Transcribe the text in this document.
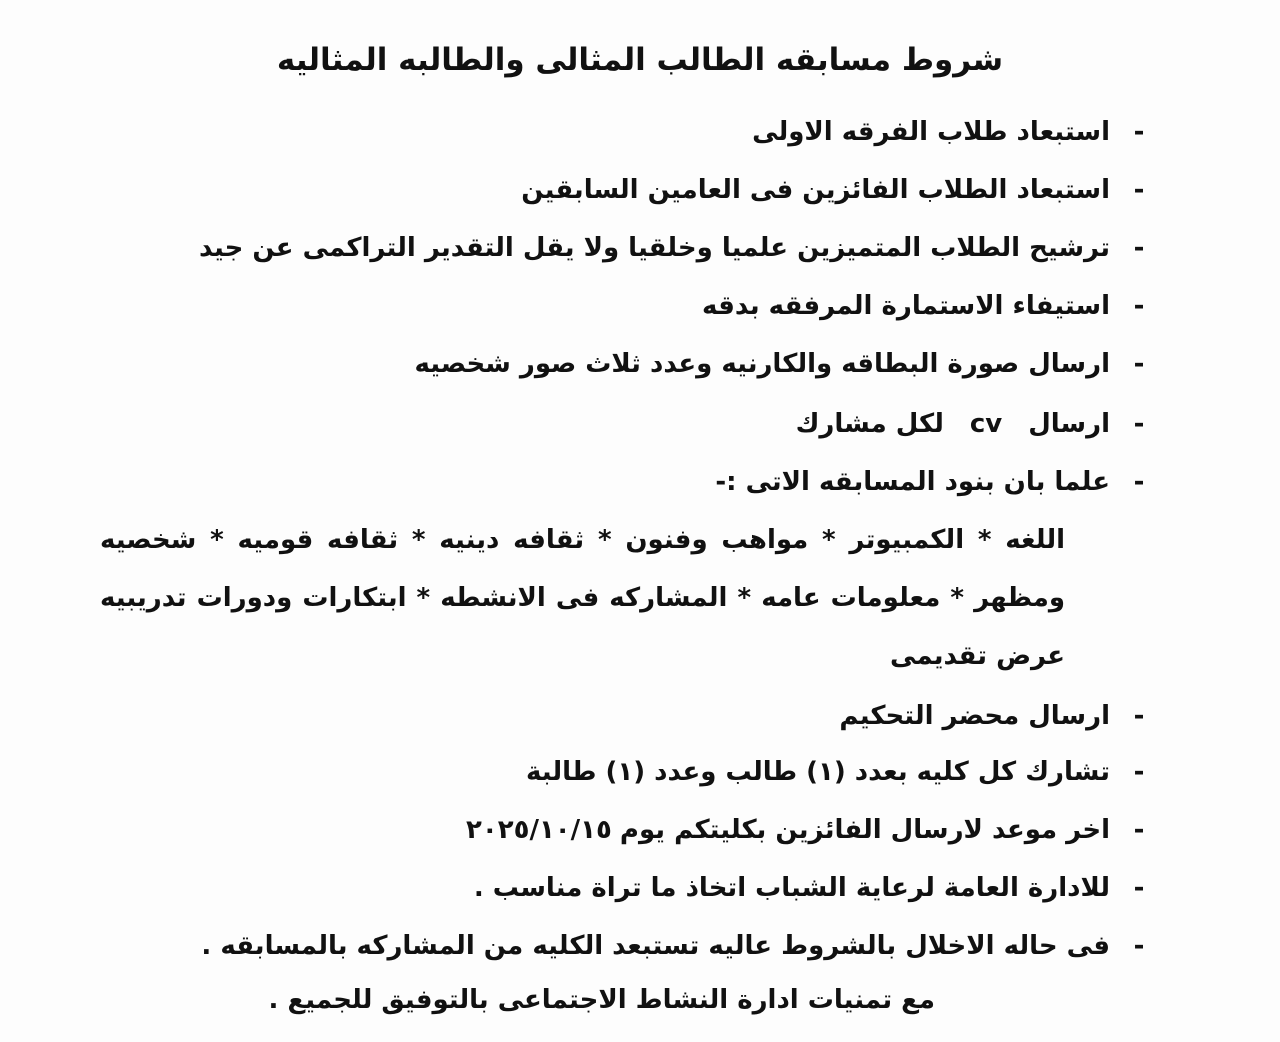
شروط مسابقه الطالب المثالى والطالبه المثاليه
-
استبعاد طلاب الفرقه الاولى
-
استبعاد الطلاب الفائزين فى العامين السابقين
-
ترشيح الطلاب المتميزين علميا وخلقيا ولا يقل التقدير التراكمى عن جيد
-
استيفاء الاستمارة المرفقه بدقه
-
ارسال صورة البطاقه والكارنيه وعدد ثلاث صور شخصيه
-
ارسال
cv
لكل مشارك
-
علما بان بنود المسابقه الاتى :-
اللغه * الكمبيوتر * مواهب وفنون * ثقافه دينيه * ثقافه قوميه * شخصيه
ومظهر * معلومات عامه * المشاركه فى الانشطه * ابتكارات ودورات تدريبيه
عرض تقديمى
-
ارسال محضر التحكيم
-
تشارك كل كليه بعدد (١) طالب وعدد (١) طالبة
-
اخر موعد لارسال الفائزين بكليتكم يوم
٢٠٢٥/١٠/١٥
-
للادارة العامة لرعاية الشباب اتخاذ ما تراة مناسب .
-
فى حاله الاخلال بالشروط عاليه تستبعد الكليه من المشاركه بالمسابقه .
مع تمنيات ادارة النشاط الاجتماعى بالتوفيق للجميع .
